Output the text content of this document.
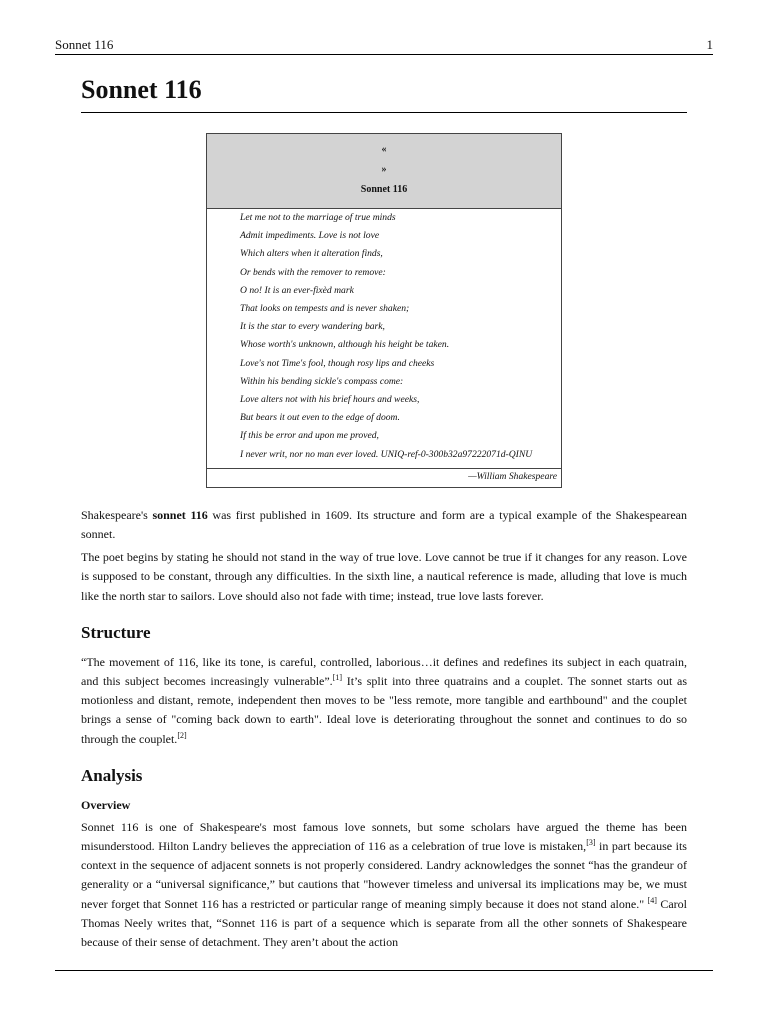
Sonnet 116	1
Sonnet 116
«
»
Sonnet 116
Let me not to the marriage of true minds
Admit impediments. Love is not love
Which alters when it alteration finds,
Or bends with the remover to remove:
O no! It is an ever-fixèd mark
That looks on tempests and is never shaken;
It is the star to every wandering bark,
Whose worth's unknown, although his height be taken.
Love's not Time's fool, though rosy lips and cheeks
Within his bending sickle's compass come:
Love alters not with his brief hours and weeks,
But bears it out even to the edge of doom.
If this be error and upon me proved,
I never writ, nor no man ever loved. UNIQ-ref-0-300b32a97222071d-QINU
—William Shakespeare

Shakespeare's sonnet 116 was first published in 1609. Its structure and form are a typical example of the Shakespearean sonnet.

The poet begins by stating he should not stand in the way of true love. Love cannot be true if it changes for any reason. Love is supposed to be constant, through any difficulties. In the sixth line, a nautical reference is made, alluding that love is much like the north star to sailors. Love should also not fade with time; instead, true love lasts forever.

Structure

“The movement of 116, like its tone, is careful, controlled, laborious…it defines and redefines its subject in each quatrain, and this subject becomes increasingly vulnerable”.[1] It’s split into three quatrains and a couplet. The sonnet starts out as motionless and distant, remote, independent then moves to be "less remote, more tangible and earthbound" and the couplet brings a sense of "coming back down to earth". Ideal love is deteriorating throughout the sonnet and continues to do so through the couplet.[2]

Analysis
Overview

Sonnet 116 is one of Shakespeare's most famous love sonnets, but some scholars have argued the theme has been misunderstood. Hilton Landry believes the appreciation of 116 as a celebration of true love is mistaken,[3] in part because its context in the sequence of adjacent sonnets is not properly considered. Landry acknowledges the sonnet “has the grandeur of generality or a “universal significance,” but cautions that "however timeless and universal its implications may be, we must never forget that Sonnet 116 has a restricted or particular range of meaning simply because it does not stand alone." [4] Carol Thomas Neely writes that, “Sonnet 116 is part of a sequence which is separate from all the other sonnets of Shakespeare because of their sense of detachment. They aren’t about the action
